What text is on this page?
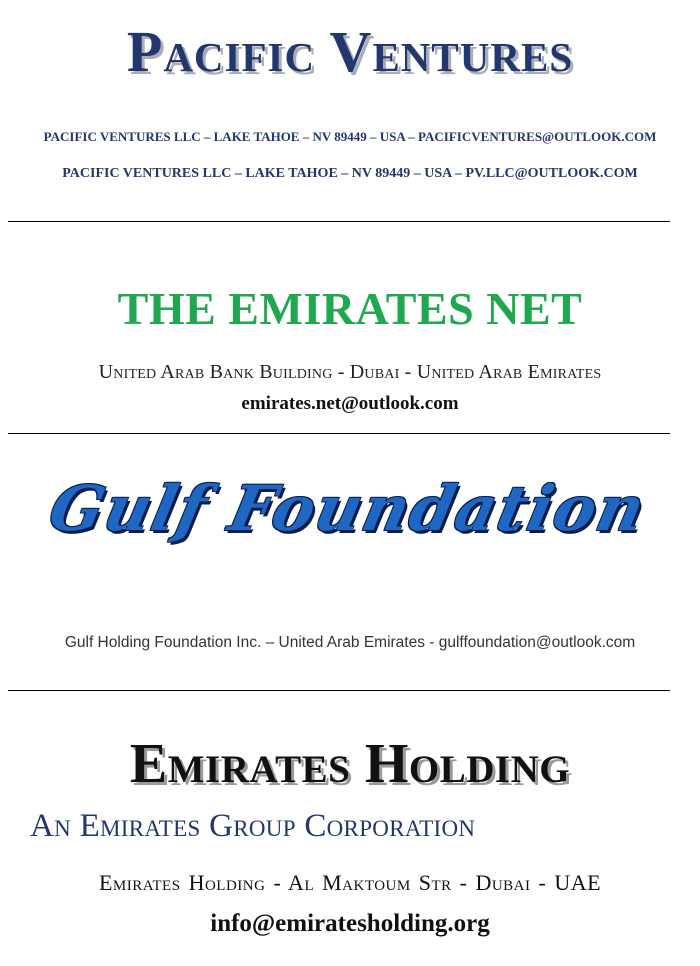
Pacific Ventures
PACIFIC VENTURES LLC – LAKE TAHOE – NV 89449 – USA – PACIFICVENTURES@OUTLOOK.COM
PACIFIC VENTURES LLC – LAKE TAHOE – NV 89449 – USA – PV.LLC@OUTLOOK.COM
THE EMIRATES NET
United Arab Bank Building - Dubai - United Arab Emirates
emirates.net@outlook.com
Gulf Foundation
Gulf Holding Foundation Inc. – United Arab Emirates - gulffoundation@outlook.com
Emirates Holding
An Emirates Group Corporation
Emirates Holding - Al Maktoum Str - Dubai - UAE
info@emiratesholding.org
